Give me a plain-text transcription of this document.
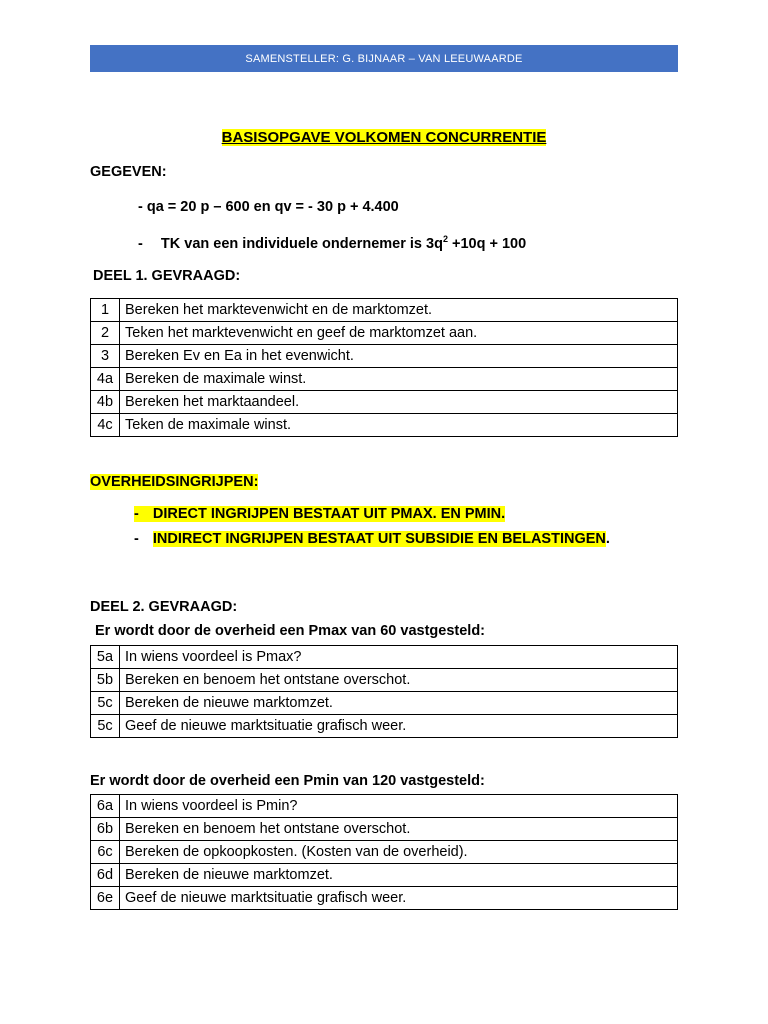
SAMENSTELLER: G. BIJNAAR – VAN LEEUWAARDE
BASISOPGAVE VOLKOMEN CONCURRENTIE
GEGEVEN:
- qa = 20 p – 600 en qv = - 30 p + 4.400
- TK van een individuele ondernemer is $3q^2 +10q + 100$
DEEL 1. GEVRAAGD:
1	Bereken het marktevenwicht en de marktomzet.
2	Teken het marktevenwicht en geef de marktomzet aan.
3	Bereken Ev en Ea in het evenwicht.
4a	Bereken de maximale winst.
4b	Bereken het marktaandeel.
4c	Teken de maximale winst.
OVERHEIDSINGRIJPEN:
- DIRECT INGRIJPEN BESTAAT UIT PMAX. EN PMIN.
- INDIRECT INGRIJPEN BESTAAT UIT SUBSIDIE EN BELASTINGEN.
DEEL 2. GEVRAAGD:
Er wordt door de overheid een Pmax van 60 vastgesteld:
5a	In wiens voordeel is Pmax?
5b	Bereken en benoem het ontstane overschot.
5c	Bereken de nieuwe marktomzet.
5c	Geef de nieuwe marktsituatie grafisch weer.
Er wordt door de overheid een Pmin van 120 vastgesteld:
6a	In wiens voordeel is Pmin?
6b	Bereken en benoem het ontstane overschot.
6c	Bereken de opkoopkosten. (Kosten van de overheid).
6d	Bereken de nieuwe marktomzet.
6e	Geef de nieuwe marktsituatie grafisch weer.
